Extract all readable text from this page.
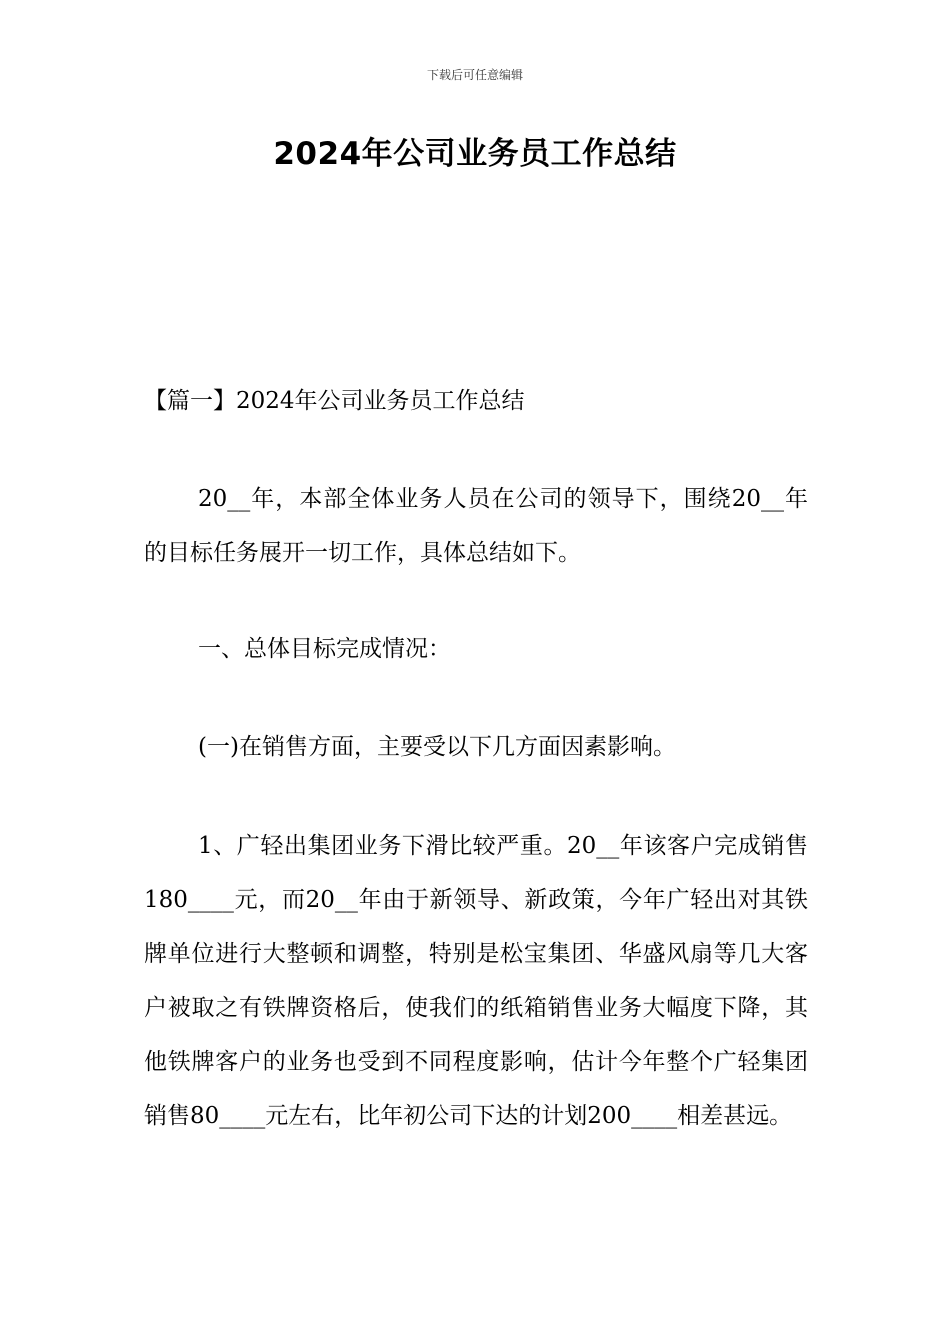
下载后可任意编辑
2024年公司业务员工作总结

【篇一】2024年公司业务员工作总结

20__年，本部全体业务人员在公司的领导下，围绕20__年的目标任务展开一切工作，具体总结如下。

一、总体目标完成情况：

(一)在销售方面，主要受以下几方面因素影响。

1、广轻出集团业务下滑比较严重。20__年该客户完成销售180____元，而20__年由于新领导、新政策，今年广轻出对其铁牌单位进行大整顿和调整，特别是松宝集团、华盛风扇等几大客户被取之有铁牌资格后，使我们的纸箱销售业务大幅度下降，其他铁牌客户的业务也受到不同程度影响，估计今年整个广轻集团销售80____元左右，比年初公司下达的计划200____相差甚远。
